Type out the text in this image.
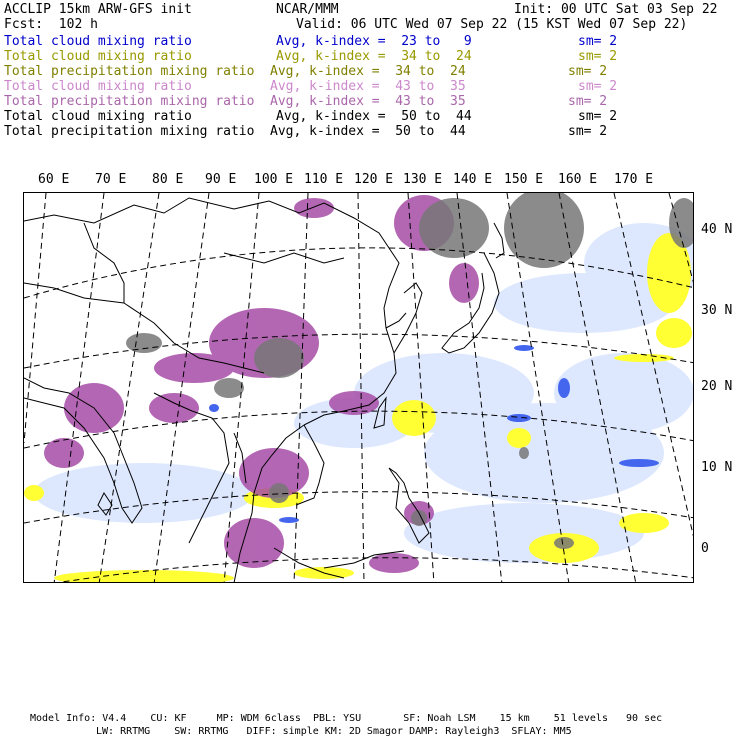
ACCLIP 15km ARW-GFS init	NCAR/MMM	Init: 00 UTC Sat 03 Sep 22
Fcst:  102 h	Valid: 06 UTC Wed 07 Sep 22 (15 KST Wed 07 Sep 22)
Total cloud mixing ratio	Avg, k-index =  23 to   9	sm= 2
Total cloud mixing ratio	Avg, k-index =  34 to  24	sm= 2
Total precipitation mixing ratio Avg, k-index =  34 to  24	sm= 2
Total cloud mixing ratio	Avg, k-index =  43 to  35	sm= 2
Total precipitation mixing ratio Avg, k-index =  43 to  35	sm= 2
Total cloud mixing ratio	Avg, k-index =  50 to  44	sm= 2
Total precipitation mixing ratio Avg, k-index =  50 to  44	sm= 2
60 E 70 E 80 E 90 E 100 E 110 E 120 E 130 E 140 E 150 E 160 E 170 E
40 N
30 N
20 N
10 N
0
Model Info: V4.4    CU: KF     MP: WDM 6class  PBL: YSU       SF: Noah LSM    15 km    51 levels   90 sec
LW: RRTMG    SW: RRTMG   DIFF: simple KM: 2D Smagor DAMP: Rayleigh3  SFLAY: MM5
